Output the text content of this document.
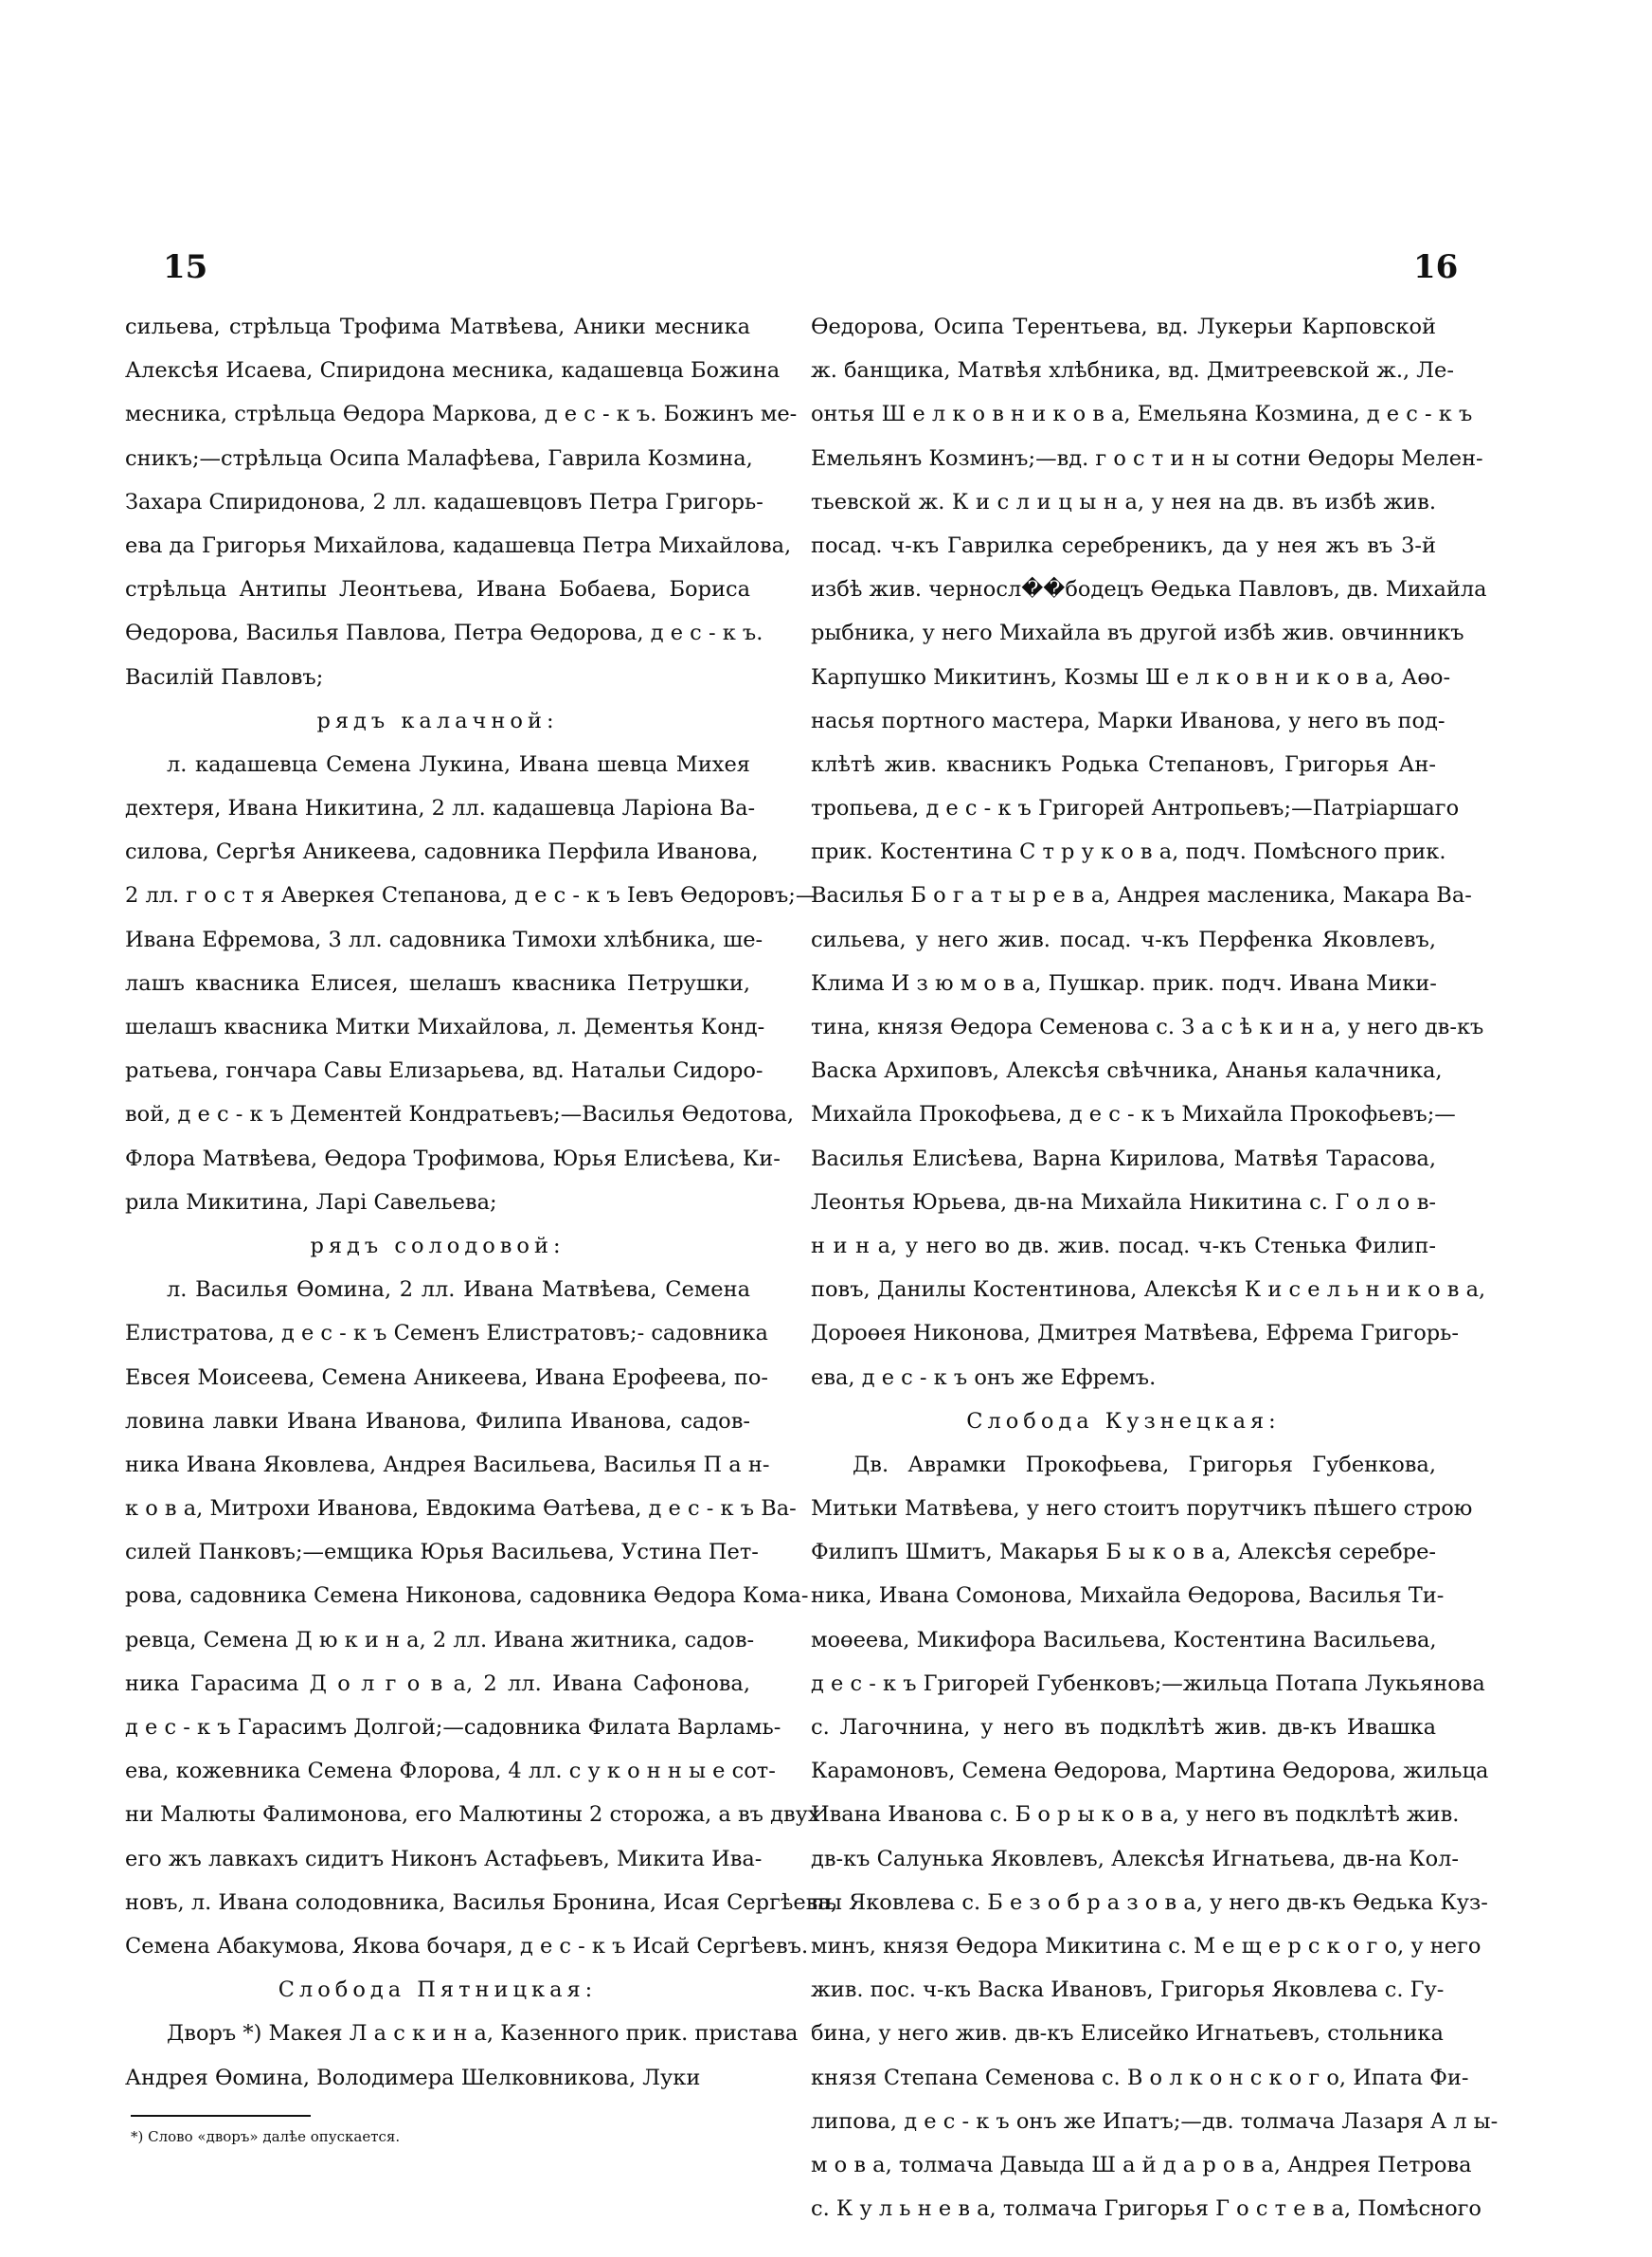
15	16
сильева, стрѣльца Трофима Матвѣева, Аники месника
Алексѣя Исаева, Спиридона месника, кадашевца Божина
месника, стрѣльца Өедора Маркова, д е с - к ъ. Божинъ ме-
сникъ;—стрѣльца Осипа Малафѣева, Гаврила Козмина,
Захара Спиридонова, 2 лл. кадашевцовъ Петра Григорь-
ева да Григорья Михайлова, кадашевца Петра Михайлова,
стрѣльца Антипы Леонтьева, Ивана Бобаева, Бориса
Өедорова, Василья Павлова, Петра Өедорова, д е с - к ъ.
Василій Павловъ;
рядъ калачной:
л. кадашевца Семена Лукина, Ивана шевца Михея
дехтеря, Ивана Никитина, 2 лл. кадашевца Ларіона Ва-
силова, Сергѣя Аникеева, садовника Перфила Иванова,
2 лл. г о с т я Аверкея Степанова, д е с - к ъ Іевъ Өедоровъ;—
Ивана Ефремова, 3 лл. садовника Тимохи хлѣбника, ше-
лашъ квасника Елисея, шелашъ квасника Петрушки,
шелашъ квасника Митки Михайлова, л. Дементья Конд-
ратьева, гончара Савы Елизарьева, вд. Натальи Сидоро-
вой, д е с - к ъ Дементей Кондратьевъ;—Василья Өедотова,
Флора Матвѣева, Өедора Трофимова, Юрья Елисѣева, Ки-
рила Микитина, Ларі Савельева;
рядъ солодовой:
л. Василья Өомина, 2 лл. Ивана Матвѣева, Семена
Елистратова, д е с - к ъ Семенъ Елистратовъ;- садовника
Евсея Моисеева, Семена Аникеева, Ивана Ерофеева, по-
ловина лавки Ивана Иванова, Филипа Иванова, садов-
ника Ивана Яковлева, Андрея Васильева, Василья П а н-
к о в а, Митрохи Иванова, Евдокима Өатѣева, д е с - к ъ Ва-
силей Панковъ;—емщика Юрья Васильева, Устина Пет-
рова, садовника Семена Никонова, садовника Өедора Кома-
ревца, Семена Д ю к и н а, 2 лл. Ивана житника, садов-
ника Гарасима Д о л г о в а, 2 лл. Ивана Сафонова,
д е с - к ъ Гарасимъ Долгой;—садовника Филата Варламь-
ева, кожевника Семена Флорова, 4 лл. с у к о н н ы е сот-
ни Малюты Фалимонова, его Малютины 2 сторожа, а въ двух
его жъ лавкахъ сидитъ Никонъ Астафьевъ, Микита Ива-
новъ, л. Ивана солодовника, Василья Бронина, Исая Сергѣева,
Семена Абакумова, Якова бочаря, д е с - к ъ Исай Сергѣевъ.
Слобода Пятницкая:
Дворъ *) Макея Л а с к и н а, Казенного прик. пристава
Андрея Өомина, Володимера Шелковникова, Луки
Өедорова, Осипа Терентьева, вд. Лукерьи Карповской
ж. банщика, Матвѣя хлѣбника, вд. Дмитреевской ж., Ле-
онтья Ш е л к о в н и к о в а, Емельяна Козмина, д е с - к ъ
Емельянъ Козминъ;—вд. г о с т и н ы сотни Өедоры Мелен-
тьевской ж. К и с л и ц ы н а, у нея на дв. въ избѣ жив.
посад. ч-къ Гаврилка серебреникъ, да у нея жъ въ 3-й
избѣ жив. черносл��бодецъ Өедька Павловъ, дв. Михайла
рыбника, у него Михайла въ другой избѣ жив. овчинникъ
Карпушко Микитинъ, Козмы Ш е л к о в н и к о в а, Аөо-
насья портного мастера, Марки Иванова, у него въ под-
клѣтѣ жив. квасникъ Родька Степановъ, Григорья Ан-
тропьева, д е с - к ъ Григорей Антропьевъ;—Патріаршаго
прик. Костентина С т р у к о в а, подч. Помѣсного прик.
Василья Б о г а т ы р е в а, Андрея масленика, Макара Ва-
сильева, у него жив. посад. ч-къ Перфенка Яковлевъ,
Клима И з ю м о в а, Пушкар. прик. подч. Ивана Мики-
тина, князя Өедора Семенова с. З а с ѣ к и н а, у него дв-къ
Васка Архиповъ, Алексѣя свѣчника, Ананья калачника,
Михайла Прокофьева, д е с - к ъ Михайла Прокофьевъ;—
Василья Елисѣева, Варна Кирилова, Матвѣя Тарасова,
Леонтья Юрьева, дв-на Михайла Никитина с. Г о л о в-
н и н а, у него во дв. жив. посад. ч-къ Стенька Филип-
повъ, Данилы Костентинова, Алексѣя К и с е л ь н и к о в а,
Дороөея Никонова, Дмитрея Матвѣева, Ефрема Григорь-
ева, д е с - к ъ онъ же Ефремъ.
Слобода Кузнецкая:
Дв. Аврамки Прокофьева, Григорья Губенкова,
Митьки Матвѣева, у него стоитъ порутчикъ пѣшего строю
Филипъ Шмитъ, Макарья Б ы к о в а, Алексѣя серебре-
ника, Ивана Сомонова, Михайла Өедорова, Василья Ти-
моөеева, Микифора Васильева, Костентина Васильева,
д е с - к ъ Григорей Губенковъ;—жильца Потапа Лукьянова
с. Лагочнина, у него въ подклѣтѣ жив. дв-къ Ивашка
Карамоновъ, Семена Өедорова, Мартина Өедорова, жильца
Ивана Иванова с. Б о р ы к о в а, у него въ подклѣтѣ жив.
дв-къ Салунька Яковлевъ, Алексѣя Игнатьева, дв-на Кол-
пы Яковлева с. Б е з о б р а з о в а, у него дв-къ Өедька Куз-
минъ, князя Өедора Микитина с. М е щ е р с к о г о, у него
жив. пос. ч-къ Васка Ивановъ, Григорья Яковлева с. Гу-
бина, у него жив. дв-къ Елисейко Игнатьевъ, стольника
князя Степана Семенова с. В о л к о н с к о г о, Ипата Фи-
липова, д е с - к ъ онъ же Ипатъ;—дв. толмача Лазаря А л ы-
м о в а, толмача Давыда Ш а й д а р о в а, Андрея Петрова
с. К у л ь н е в а, толмача Григорья Г о с т е в а, Помѣсного
*) Слово «дворъ» далѣе опускается.
